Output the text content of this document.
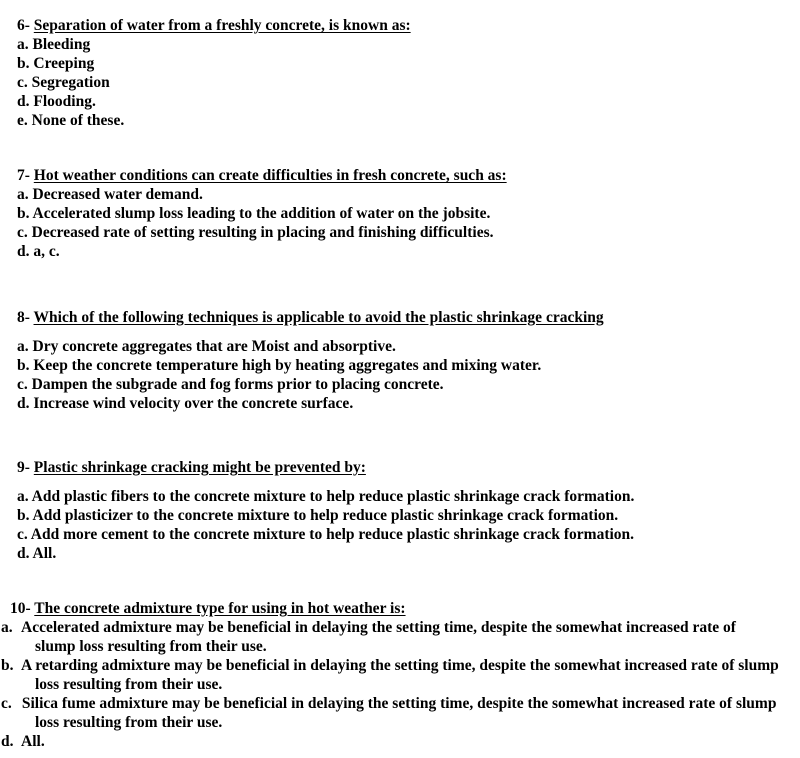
6- Separation of water from a freshly concrete, is known as:
a. Bleeding
b. Creeping
c. Segregation
d. Flooding.
e. None of these.
7- Hot weather conditions can create difficulties in fresh concrete, such as:
a. Decreased water demand.
b. Accelerated slump loss leading to the addition of water on the jobsite.
c. Decreased rate of setting resulting in placing and finishing difficulties.
d. a, c.
8- Which of the following techniques is applicable to avoid the plastic shrinkage cracking
a. Dry concrete aggregates that are Moist and absorptive.
b. Keep the concrete temperature high by heating aggregates and mixing water.
c. Dampen the subgrade and fog forms prior to placing concrete.
d. Increase wind velocity over the concrete surface.
9- Plastic shrinkage cracking might be prevented by:
a. Add plastic fibers to the concrete mixture to help reduce plastic shrinkage crack formation.
b. Add plasticizer to the concrete mixture to help reduce plastic shrinkage crack formation.
c. Add more cement to the concrete mixture to help reduce plastic shrinkage crack formation.
d. All.
10- The concrete admixture type for using in hot weather is:
a. Accelerated admixture may be beneficial in delaying the setting time, despite the somewhat increased rate of slump loss resulting from their use.
b. A retarding admixture may be beneficial in delaying the setting time, despite the somewhat increased rate of slump loss resulting from their use.
c. Silica fume admixture may be beneficial in delaying the setting time, despite the somewhat increased rate of slump loss resulting from their use.
d. All.
